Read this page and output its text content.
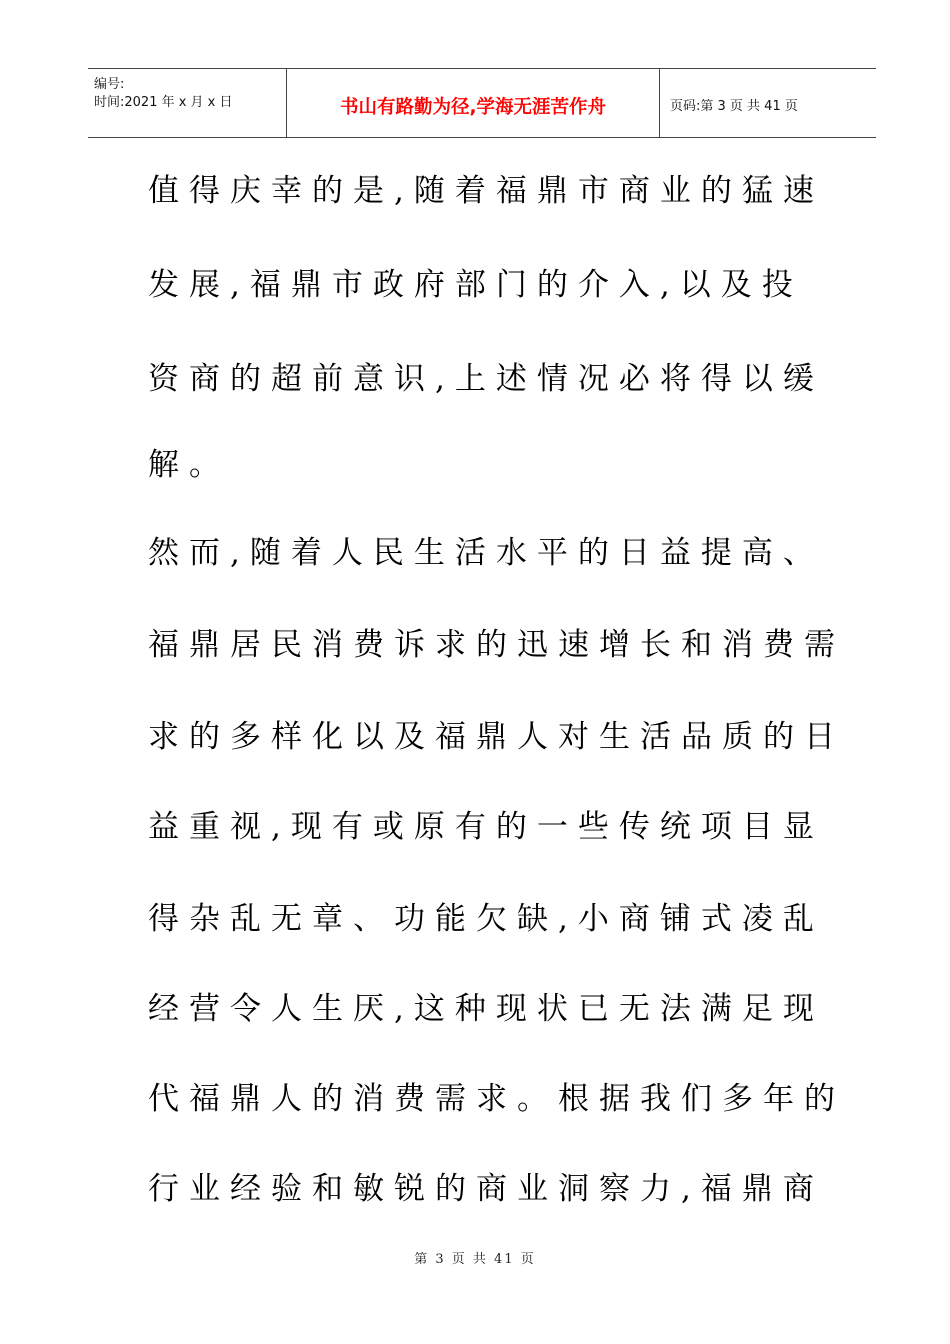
编号:
时间:2021 年 x 月 x 日	书山有路勤为径,学海无涯苦作舟	页码:第 3 页 共 41 页
值得庆幸的是,随着福鼎市商业的猛速
发展,福鼎市政府部门的介入,以及投
资商的超前意识,上述情况必将得以缓
解。
然而,随着人民生活水平的日益提高、
福鼎居民消费诉求的迅速增长和消费需
求的多样化以及福鼎人对生活品质的日
益重视,现有或原有的一些传统项目显
得杂乱无章、功能欠缺,小商铺式凌乱
经营令人生厌,这种现状已无法满足现
代福鼎人的消费需求。根据我们多年的
行业经验和敏锐的商业洞察力,福鼎商
第 3 页 共 41 页
